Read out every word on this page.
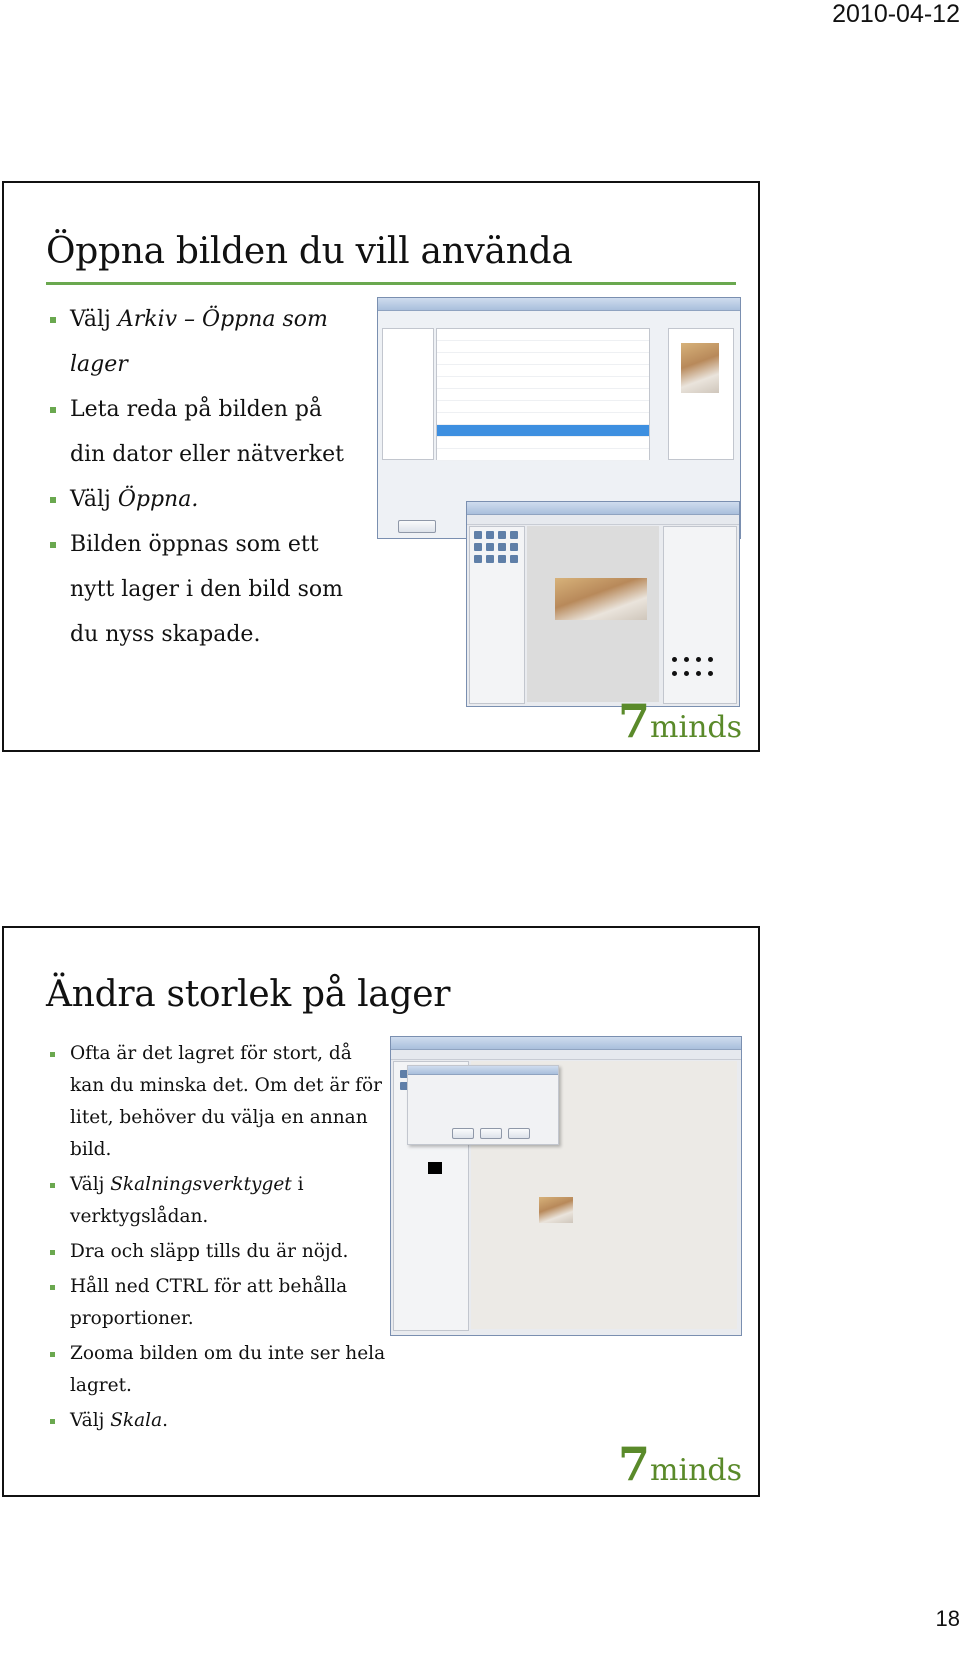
2010-04-12
Öppna bilden du vill använda
Välj Arkiv – Öppna som lager
Leta reda på bilden på din dator eller nätverket
Välj Öppna.
Bilden öppnas som ett nytt lager i den bild som du nyss skapade.
7minds
Ändra storlek på lager
Ofta är det lagret för stort, då kan du minska det. Om det är för litet, behöver du välja en annan bild.
Välj Skalningsverktyget i verktygslådan.
Dra och släpp tills du är nöjd.
Håll ned CTRL för att behålla proportioner.
Zooma bilden om du inte ser hela lagret.
Välj Skala.
7minds
18
